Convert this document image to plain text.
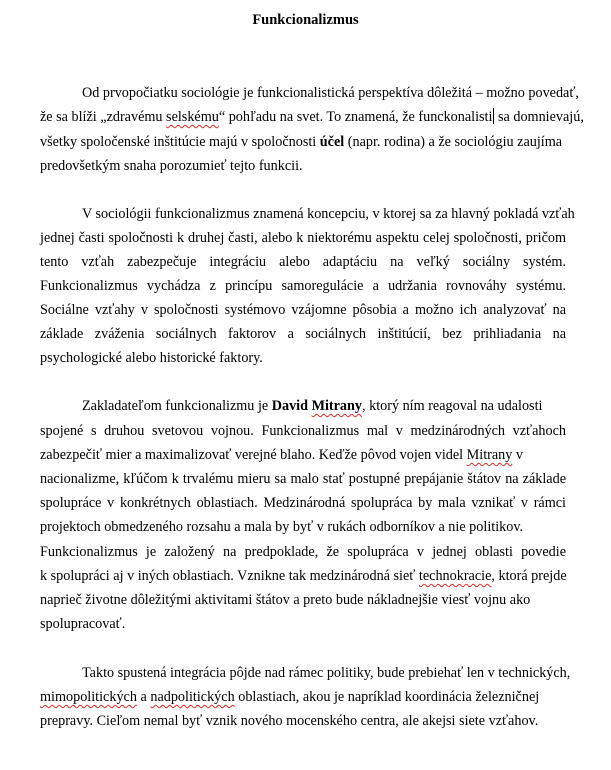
Funkcionalizmus
Od prvopočiatku sociológie je funkcionalistická perspektíva dôležitá – možno povedať,
že sa blíži „zdravému selskému“ pohľadu na svet. To znamená, že funckonalisti sa domnievajú,
všetky spoločenské inštitúcie majú v spoločnosti účel (napr. rodina) a že sociológiu zaujíma
predovšetkým snaha porozumieť tejto funkcii.
V sociológii funkcionalizmus znamená koncepciu, v ktorej sa za hlavný pokladá vzťah
jednej časti spoločnosti k druhej časti, alebo k niektorému aspektu celej spoločnosti, pričom
tento vzťah zabezpečuje integráciu alebo adaptáciu na veľký sociálny systém.
Funkcionalizmus vychádza z princípu samoregulácie a udržania rovnováhy systému.
Sociálne vzťahy v spoločnosti systémovo vzájomne pôsobia a možno ich analyzovať na
základe zváženia sociálnych faktorov a sociálnych inštitúcií, bez prihliadania na
psychologické alebo historické faktory.
Zakladateľom funkcionalizmu je David Mitrany, ktorý ním reagoval na udalosti
spojené s druhou svetovou vojnou. Funkcionalizmus mal v medzinárodných vzťahoch
zabezpečiť mier a maximalizovať verejné blaho. Keďže pôvod vojen videl Mitrany v
nacionalizme, kľúčom k trvalému mieru sa malo stať postupné prepájanie štátov na základe
spolupráce v konkrétnych oblastiach. Medzinárodná spolupráca by mala vznikať v rámci
projektoch obmedzeného rozsahu a mala by byť v rukách odborníkov a nie politikov.
Funkcionalizmus je založený na predpoklade, že spolupráca v jednej oblasti povedie
k spolupráci aj v iných oblastiach. Vznikne tak medzinárodná sieť technokracie, ktorá prejde
naprieč životne dôležitými aktivitami štátov a preto bude nákladnejšie viesť vojnu ako
spolupracovať.
Takto spustená integrácia pôjde nad rámec politiky, bude prebiehať len v technických,
mimopolitických a nadpolitických oblastiach, akou je napríklad koordinácia železničnej
prepravy. Cieľom nemal byť vznik nového mocenského centra, ale akejsi siete vzťahov.
